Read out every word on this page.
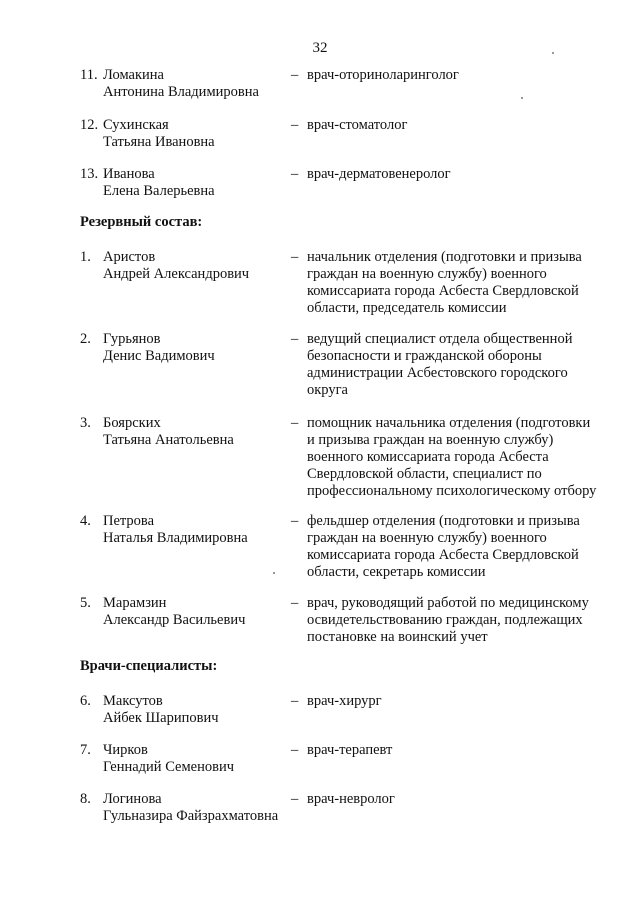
32
Резервный состав:
Врачи-специалисты:
11. Ломакина
Антонина Владимировна
– врач-оториноларинголог
12. Сухинская
Татьяна Ивановна
– врач-стоматолог
13. Иванова
Елена Валерьевна
– врач-дерматовенеролог
1. Аристов
Андрей Александрович
– начальник отделения (подготовки и призыва
граждан на военную службу) военного
комиссариата города Асбеста Свердловской
области, председатель комиссии
2. Гурьянов
Денис Вадимович
– ведущий специалист отдела общественной
безопасности и гражданской обороны
администрации Асбестовского городского
округа
3. Боярских
Татьяна Анатольевна
– помощник начальника отделения (подготовки
и призыва граждан на военную службу)
военного комиссариата города Асбеста
Свердловской области, специалист по
профессиональному психологическому отбору
4. Петрова
Наталья Владимировна
– фельдшер отделения (подготовки и призыва
граждан на военную службу) военного
комиссариата города Асбеста Свердловской
области, секретарь комиссии
5. Марамзин
Александр Васильевич
– врач, руководящий работой по медицинскому
освидетельствованию граждан, подлежащих
постановке на воинский учет
6. Максутов
Айбек Шарипович
– врач-хирург
7. Чирков
Геннадий Семенович
– врач-терапевт
8. Логинова
Гульназира Файзрахматовна
– врач-невролог
